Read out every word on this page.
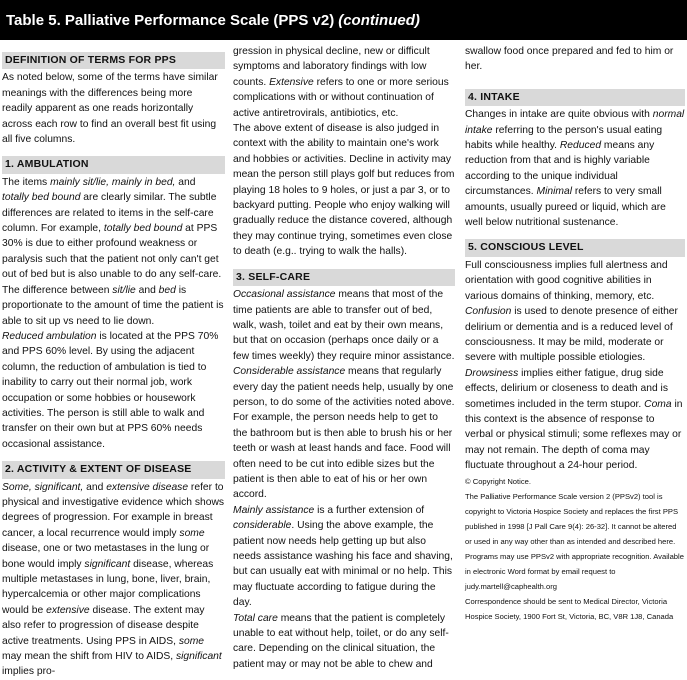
Table 5. Palliative Performance Scale (PPS v2) (continued)
DEFINITION OF TERMS FOR PPS

As noted below, some of the terms have similar meanings with the differences being more readily apparent as one reads horizontally across each row to find an overall best fit using all five columns.

1. AMBULATION

The items mainly sit/lie, mainly in bed, and totally bed bound are clearly similar. The subtle differences are related to items in the self-care column. For example, totally bed bound at PPS 30% is due to either profound weakness or paralysis such that the patient not only can't get out of bed but is also unable to do any self-care. The difference between sit/lie and bed is proportionate to the amount of time the patient is able to sit up vs need to lie down.

Reduced ambulation is located at the PPS 70% and PPS 60% level. By using the adjacent column, the reduction of ambulation is tied to inability to carry out their normal job, work occupation or some hobbies or housework activities. The person is still able to walk and transfer on their own but at PPS 60% needs occasional assistance.

2. ACTIVITY & EXTENT OF DISEASE

Some, significant, and extensive disease refer to physical and investigative evidence which shows degrees of progression. For example in breast cancer, a local recurrence would imply some disease, one or two metastases in the lung or bone would imply significant disease, whereas multiple metastases in lung, bone, liver, brain, hypercalcemia or other major complications would be extensive disease. The extent may also refer to progression of disease despite active treatments. Using PPS in AIDS, some may mean the shift from HIV to AIDS, significant implies pro-

gression in physical decline, new or difficult symptoms and laboratory findings with low counts. Extensive refers to one or more serious complications with or without continuation of active antiretrovirals, antibiotics, etc.

The above extent of disease is also judged in context with the ability to maintain one's work and hobbies or activities. Decline in activity may mean the person still plays golf but reduces from playing 18 holes to 9 holes, or just a par 3, or to backyard putting. People who enjoy walking will gradually reduce the distance covered, although they may continue trying, sometimes even close to death (e.g.. trying to walk the halls).

3. SELF-CARE

Occasional assistance means that most of the time patients are able to transfer out of bed, walk, wash, toilet and eat by their own means, but that on occasion (perhaps once daily or a few times weekly) they require minor assistance.

Considerable assistance means that regularly every day the patient needs help, usually by one person, to do some of the activities noted above. For example, the person needs help to get to the bathroom but is then able to brush his or her teeth or wash at least hands and face. Food will often need to be cut into edible sizes but the patient is then able to eat of his or her own accord.

Mainly assistance is a further extension of considerable. Using the above example, the patient now needs help getting up but also needs assistance washing his face and shaving, but can usually eat with minimal or no help. This may fluctuate according to fatigue during the day.

Total care means that the patient is completely unable to eat without help, toilet, or do any self-care. Depending on the clinical situation, the patient may or may not be able to chew and

swallow food once prepared and fed to him or her.

4. INTAKE

Changes in intake are quite obvious with normal intake referring to the person's usual eating habits while healthy. Reduced means any reduction from that and is highly variable according to the unique individual circumstances. Minimal refers to very small amounts, usually pureed or liquid, which are well below nutritional sustenance.

5. CONSCIOUS LEVEL

Full consciousness implies full alertness and orientation with good cognitive abilities in various domains of thinking, memory, etc. Confusion is used to denote presence of either delirium or dementia and is a reduced level of consciousness. It may be mild, moderate or severe with multiple possible etiologies. Drowsiness implies either fatigue, drug side effects, delirium or closeness to death and is sometimes included in the term stupor. Coma in this context is the absence of response to verbal or physical stimuli; some reflexes may or may not remain. The depth of coma may fluctuate throughout a 24-hour period.

© Copyright Notice.

The Palliative Performance Scale version 2 (PPSv2) tool is copyright to Victoria Hospice Society and replaces the first PPS published in 1998 [J Pall Care 9(4): 26-32]. It cannot be altered or used in any way other than as intended and described here. Programs may use PPSv2 with appropriate recognition. Available in electronic Word format by email request to judy.martell@caphealth.org

Correspondence should be sent to Medical Director, Victoria Hospice Society, 1900 Fort St, Victoria, BC, V8R 1J8, Canada
